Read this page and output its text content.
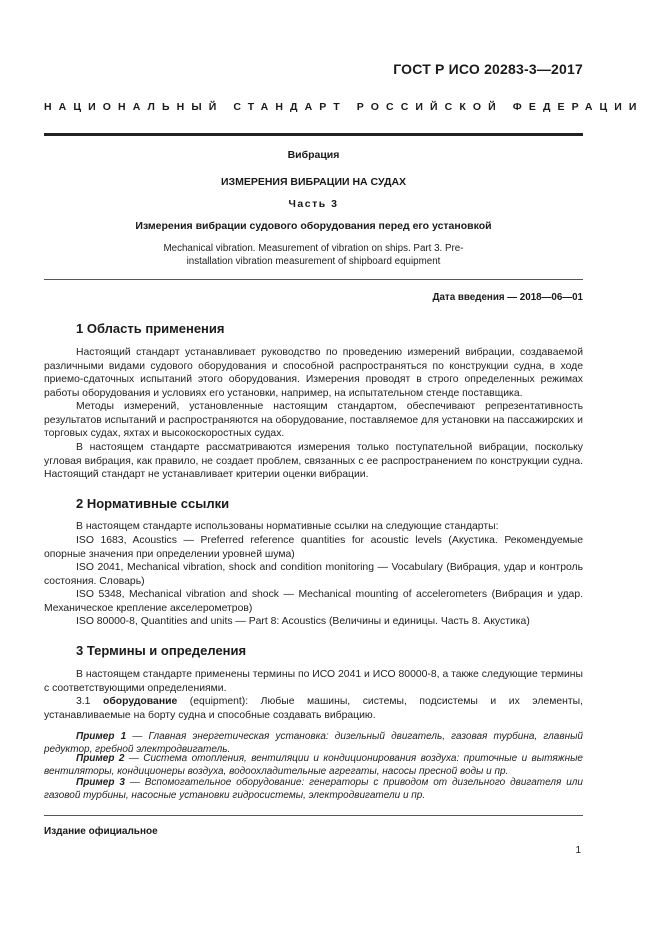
ГОСТ Р ИСО 20283-3—2017
НАЦИОНАЛЬНЫЙ СТАНДАРТ РОССИЙСКОЙ ФЕДЕРАЦИИ
Вибрация
ИЗМЕРЕНИЯ ВИБРАЦИИ НА СУДАХ
Часть 3
Измерения вибрации судового оборудования перед его установкой
Mechanical vibration. Measurement of vibration on ships. Part 3. Pre-installation vibration measurement of shipboard equipment
Дата введения — 2018—06—01
1 Область применения
Настоящий стандарт устанавливает руководство по проведению измерений вибрации, создаваемой различными видами судового оборудования и способной распространяться по конструкции судна, в ходе приемо-сдаточных испытаний этого оборудования. Измерения проводят в строго определенных режимах работы оборудования и условиях его установки, например, на испытательном стенде поставщика.
Методы измерений, установленные настоящим стандартом, обеспечивают репрезентативность результатов испытаний и распространяются на оборудование, поставляемое для установки на пассажирских и торговых судах, яхтах и высокоскоростных судах.
В настоящем стандарте рассматриваются измерения только поступательной вибрации, поскольку угловая вибрация, как правило, не создает проблем, связанных с ее распространением по конструкции судна. Настоящий стандарт не устанавливает критерии оценки вибрации.
2 Нормативные ссылки
В настоящем стандарте использованы нормативные ссылки на следующие стандарты:
ISO 1683, Acoustics — Preferred reference quantities for acoustic levels (Акустика. Рекомендуемые опорные значения при определении уровней шума)
ISO 2041, Mechanical vibration, shock and condition monitoring — Vocabulary (Вибрация, удар и контроль состояния. Словарь)
ISO 5348, Mechanical vibration and shock — Mechanical mounting of accelerometers (Вибрация и удар. Механическое крепление акселерометров)
ISO 80000-8, Quantities and units — Part 8: Acoustics (Величины и единицы. Часть 8. Акустика)
3 Термины и определения
В настоящем стандарте применены термины по ИСО 2041 и ИСО 80000-8, а также следующие термины с соответствующими определениями.
3.1 оборудование (equipment): Любые машины, системы, подсистемы и их элементы, устанавливаемые на борту судна и способные создавать вибрацию.
Пример 1 — Главная энергетическая установка: дизельный двигатель, газовая турбина, главный редуктор, гребной электродвигатель.
Пример 2 — Система отопления, вентиляции и кондиционирования воздуха: приточные и вытяжные вентиляторы, кондиционеры воздуха, водоохладительные агрегаты, насосы пресной воды и пр.
Пример 3 — Вспомогательное оборудование: генераторы с приводом от дизельного двигателя или газовой турбины, насосные установки гидросистемы, электродвигатели и пр.
Издание официальное
1
